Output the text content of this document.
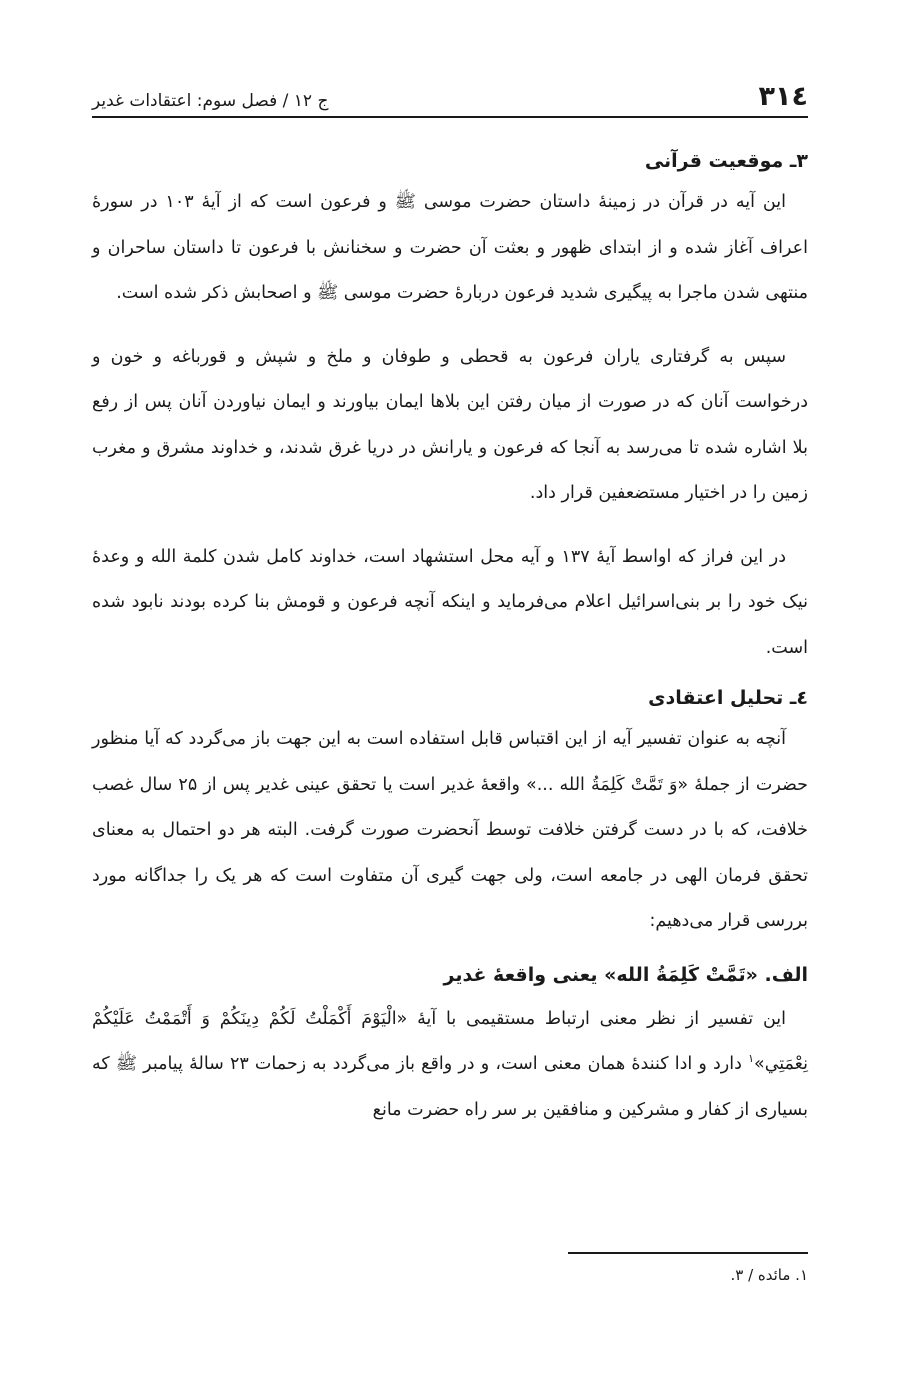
۳۱٤
ج ۱۲ / فصل سوم: اعتقادات غدیر
۳ـ موقعیت قرآنی

این آیه در قرآن در زمینهٔ داستان حضرت موسی ﷺ و فرعون است که از آیهٔ ۱۰۳ در سورهٔ اعراف آغاز شده و از ابتدای ظهور و بعثت آن حضرت و سخنانش با فرعون تا داستان ساحران و منتهی شدن ماجرا به پیگیری شدید فرعون دربارهٔ حضرت موسی ﷺ و اصحابش ذکر شده است.

سپس به گرفتاری یاران فرعون به قحطی و طوفان و ملخ و شپش و قورباغه و خون و درخواست آنان که در صورت از میان رفتن این بلاها ایمان بیاورند و ایمان نیاوردن آنان پس از رفع بلا اشاره شده تا می‌رسد به آنجا که فرعون و یارانش در دریا غرق شدند، و خداوند مشرق و مغرب زمین را در اختیار مستضعفین قرار داد.

در این فراز که اواسط آیهٔ ۱۳۷ و آیه محل استشهاد است، خداوند کامل شدن کلمة الله و وعدهٔ نیک خود را بر بنی‌اسرائیل اعلام می‌فرماید و اینکه آنچه فرعون و قومش بنا کرده بودند نابود شده است.

٤ـ تحلیل اعتقادی

آنچه به عنوان تفسیر آیه از این اقتباس قابل استفاده است به این جهت باز می‌گردد که آیا منظور حضرت از جملهٔ «وَ تَمَّتْ كَلِمَةُ الله ...» واقعهٔ غدیر است یا تحقق عینی غدیر پس از ۲۵ سال غصب خلافت، که با در دست گرفتن خلافت توسط آنحضرت صورت گرفت. البته هر دو احتمال به معنای تحقق فرمان الهی در جامعه است، ولی جهت گیری آن متفاوت است که هر یک را جداگانه مورد بررسی قرار می‌دهیم:

الف. «تَمَّتْ كَلِمَةُ الله» یعنی واقعهٔ غدیر

این تفسیر از نظر معنی ارتباط مستقیمی با آیهٔ «الْيَوْمَ أَكْمَلْتُ لَكُمْ دِينَكُمْ وَ أَتْمَمْتُ عَلَيْكُمْ نِعْمَتِي»$^۱$ دارد و ادا کنندهٔ همان معنی است، و در واقع باز می‌گردد به زحمات ۲۳ سالهٔ پیامبر ﷺ که بسیاری از کفار و مشرکین و منافقین بر سر راه حضرت مانع

۱. مائده / ۳.
